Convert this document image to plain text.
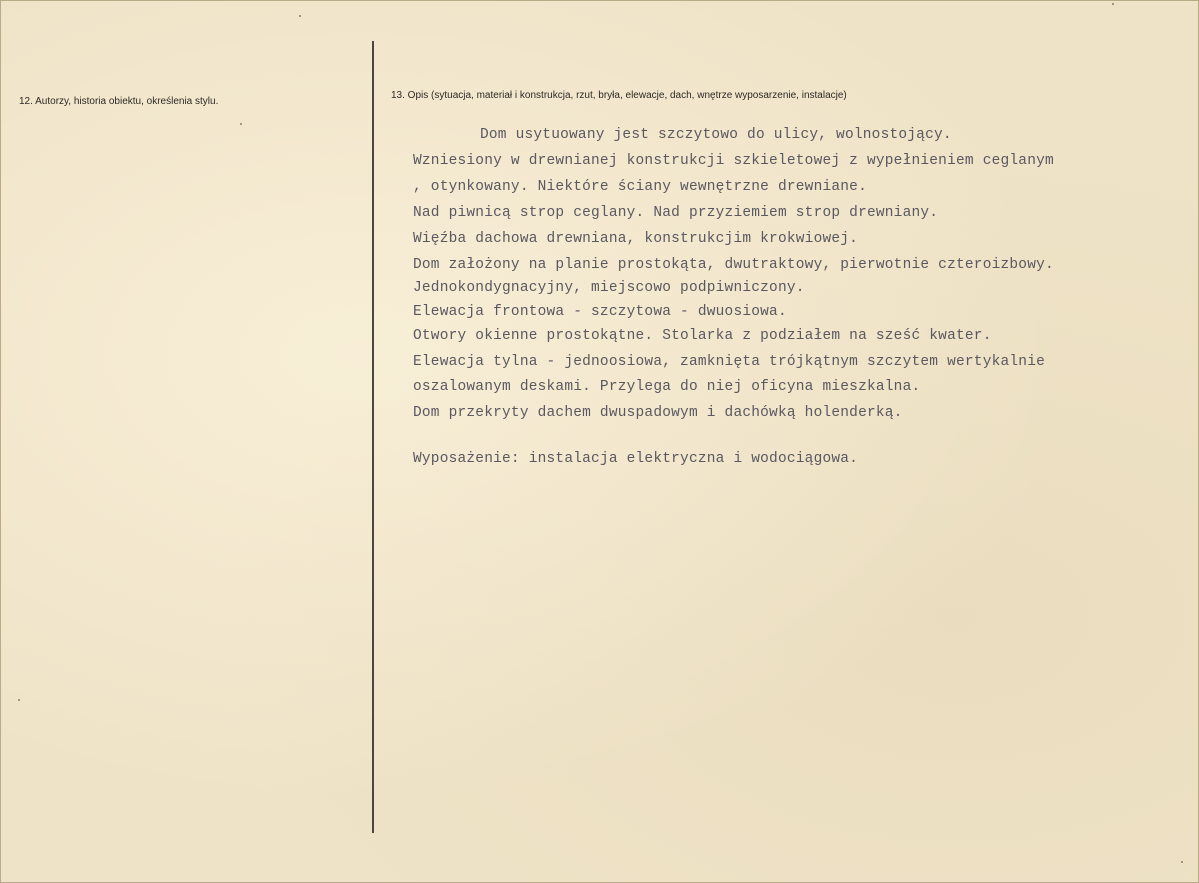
12. Autorzy, historia obiektu, określenia stylu.
13. Opis (sytuacja, materiał i konstrukcja, rzut, bryła, elewacje, dach, wnętrze wyposarzenie, instalacje)
Dom usytuowany jest szczytowo do ulicy, wolnostojący.
Wzniesiony w drewnianej konstrukcji szkieletowej z wypełnieniem ceglanym
, otynkowany. Niektóre ściany wewnętrzne drewniane.
Nad piwnicą strop ceglany. Nad przyziemiem strop drewniany.
Więźba dachowa drewniana, konstrukcjim krokwiowej.
Dom założony na planie prostokąta, dwutraktowy, pierwotnie czteroizbowy.
Jednokondygnacyjny, miejscowo podpiwniczony.
Elewacja frontowa - szczytowa - dwuosiowa.
Otwory okienne prostokątne. Stolarka z podziałem na sześć kwater.
Elewacja tylna - jednoosiowa, zamknięta trójkątnym szczytem wertykalnie
oszalowanym deskami. Przylega do niej oficyna mieszkalna.
Dom przekryty dachem dwuspadowym i dachówką holenderką.
Wyposażenie: instalacja elektryczna i wodociągowa.
